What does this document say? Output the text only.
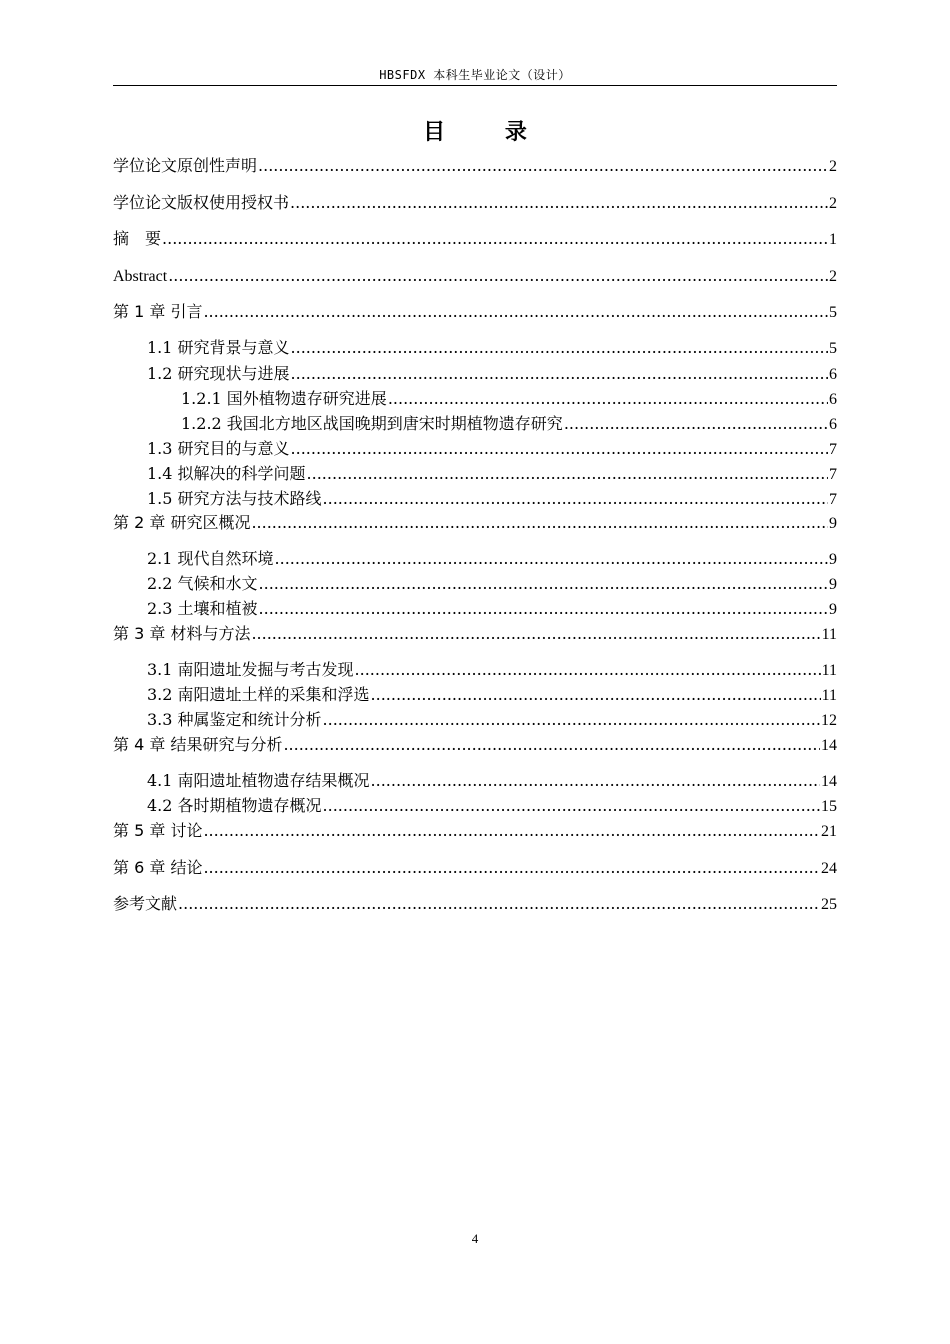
HBSFDX 本科生毕业论文（设计）
目 录
学位论文原创性声明 .....	2
学位论文版权使用授权书 .....	2
摘　要 .....	1
Abstract .....	2
第 1 章 引言 .....	5
1.1 研究背景与意义 .....	5
1.2 研究现状与进展 .....	6
1.2.1 国外植物遗存研究进展 .....	6
1.2.2 我国北方地区战国晚期到唐宋时期植物遗存研究 .....	6
1.3 研究目的与意义 .....	7
1.4 拟解决的科学问题 .....	7
1.5 研究方法与技术路线 .....	7
第 2 章 研究区概况 .....	9
2.1 现代自然环境 .....	9
2.2 气候和水文 .....	9
2.3 土壤和植被 .....	9
第 3 章 材料与方法 .....	11
3.1 南阳遗址发掘与考古发现 .....	11
3.2 南阳遗址土样的采集和浮选 .....	11
3.3 种属鉴定和统计分析 .....	12
第 4 章 结果研究与分析 .....	14
4.1 南阳遗址植物遗存结果概况 .....	14
4.2 各时期植物遗存概况 .....	15
第 5 章 讨论 .....	21
第 6 章 结论 .....	24
参考文献 .....	25
4
